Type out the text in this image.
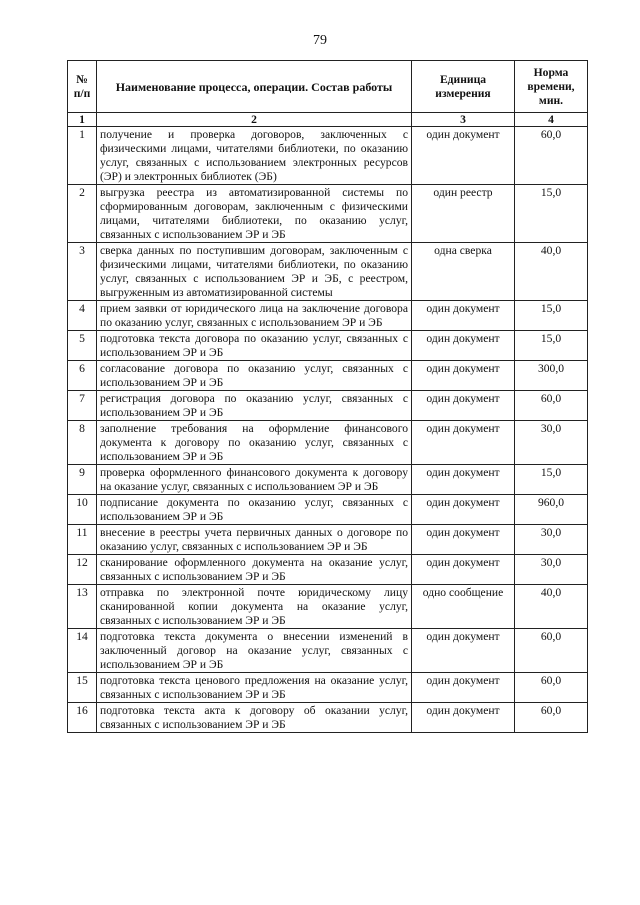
79
№ п/п	Наименование процесса, операции. Состав работы	Единица измерения	Норма времени, мин.
1	2	3	4
1	получение и проверка договоров, заключенных с физическими лицами, читателями библиотеки, по оказанию услуг, связанных с использованием электронных ресурсов (ЭР) и электронных библиотек (ЭБ)	один документ	60,0
2	выгрузка реестра из автоматизированной системы по сформированным договорам, заключенным с физическими лицами, читателями библиотеки, по оказанию услуг, связанных с использованием ЭР и ЭБ	один реестр	15,0
3	сверка данных по поступившим договорам, заключенным с физическими лицами, читателями библиотеки, по оказанию услуг, связанных с использованием ЭР и ЭБ, с реестром, выгруженным из автоматизированной системы	одна сверка	40,0
4	прием заявки от юридического лица на заключение договора по оказанию услуг, связанных с использованием ЭР и ЭБ	один документ	15,0
5	подготовка текста договора по оказанию услуг, связанных с использованием ЭР и ЭБ	один документ	15,0
6	согласование договора по оказанию услуг, связанных с использованием ЭР и ЭБ	один документ	300,0
7	регистрация договора по оказанию услуг, связанных с использованием ЭР и ЭБ	один документ	60,0
8	заполнение требования на оформление финансового документа к договору по оказанию услуг, связанных с использованием ЭР и ЭБ	один документ	30,0
9	проверка оформленного финансового документа к договору на оказание услуг, связанных с использованием ЭР и ЭБ	один документ	15,0
10	подписание документа по оказанию услуг, связанных с использованием ЭР и ЭБ	один документ	960,0
11	внесение в реестры учета первичных данных о договоре по оказанию услуг, связанных с использованием ЭР и ЭБ	один документ	30,0
12	сканирование оформленного документа на оказание услуг, связанных с использованием ЭР и ЭБ	один документ	30,0
13	отправка по электронной почте юридическому лицу сканированной копии документа на оказание услуг, связанных с использованием ЭР и ЭБ	одно сообщение	40,0
14	подготовка текста документа о внесении изменений в заключенный договор на оказание услуг, связанных с использованием ЭР и ЭБ	один документ	60,0
15	подготовка текста ценового предложения на оказание услуг, связанных с использованием ЭР и ЭБ	один документ	60,0
16	подготовка текста акта к договору об оказании услуг, связанных с использованием ЭР и ЭБ	один документ	60,0
